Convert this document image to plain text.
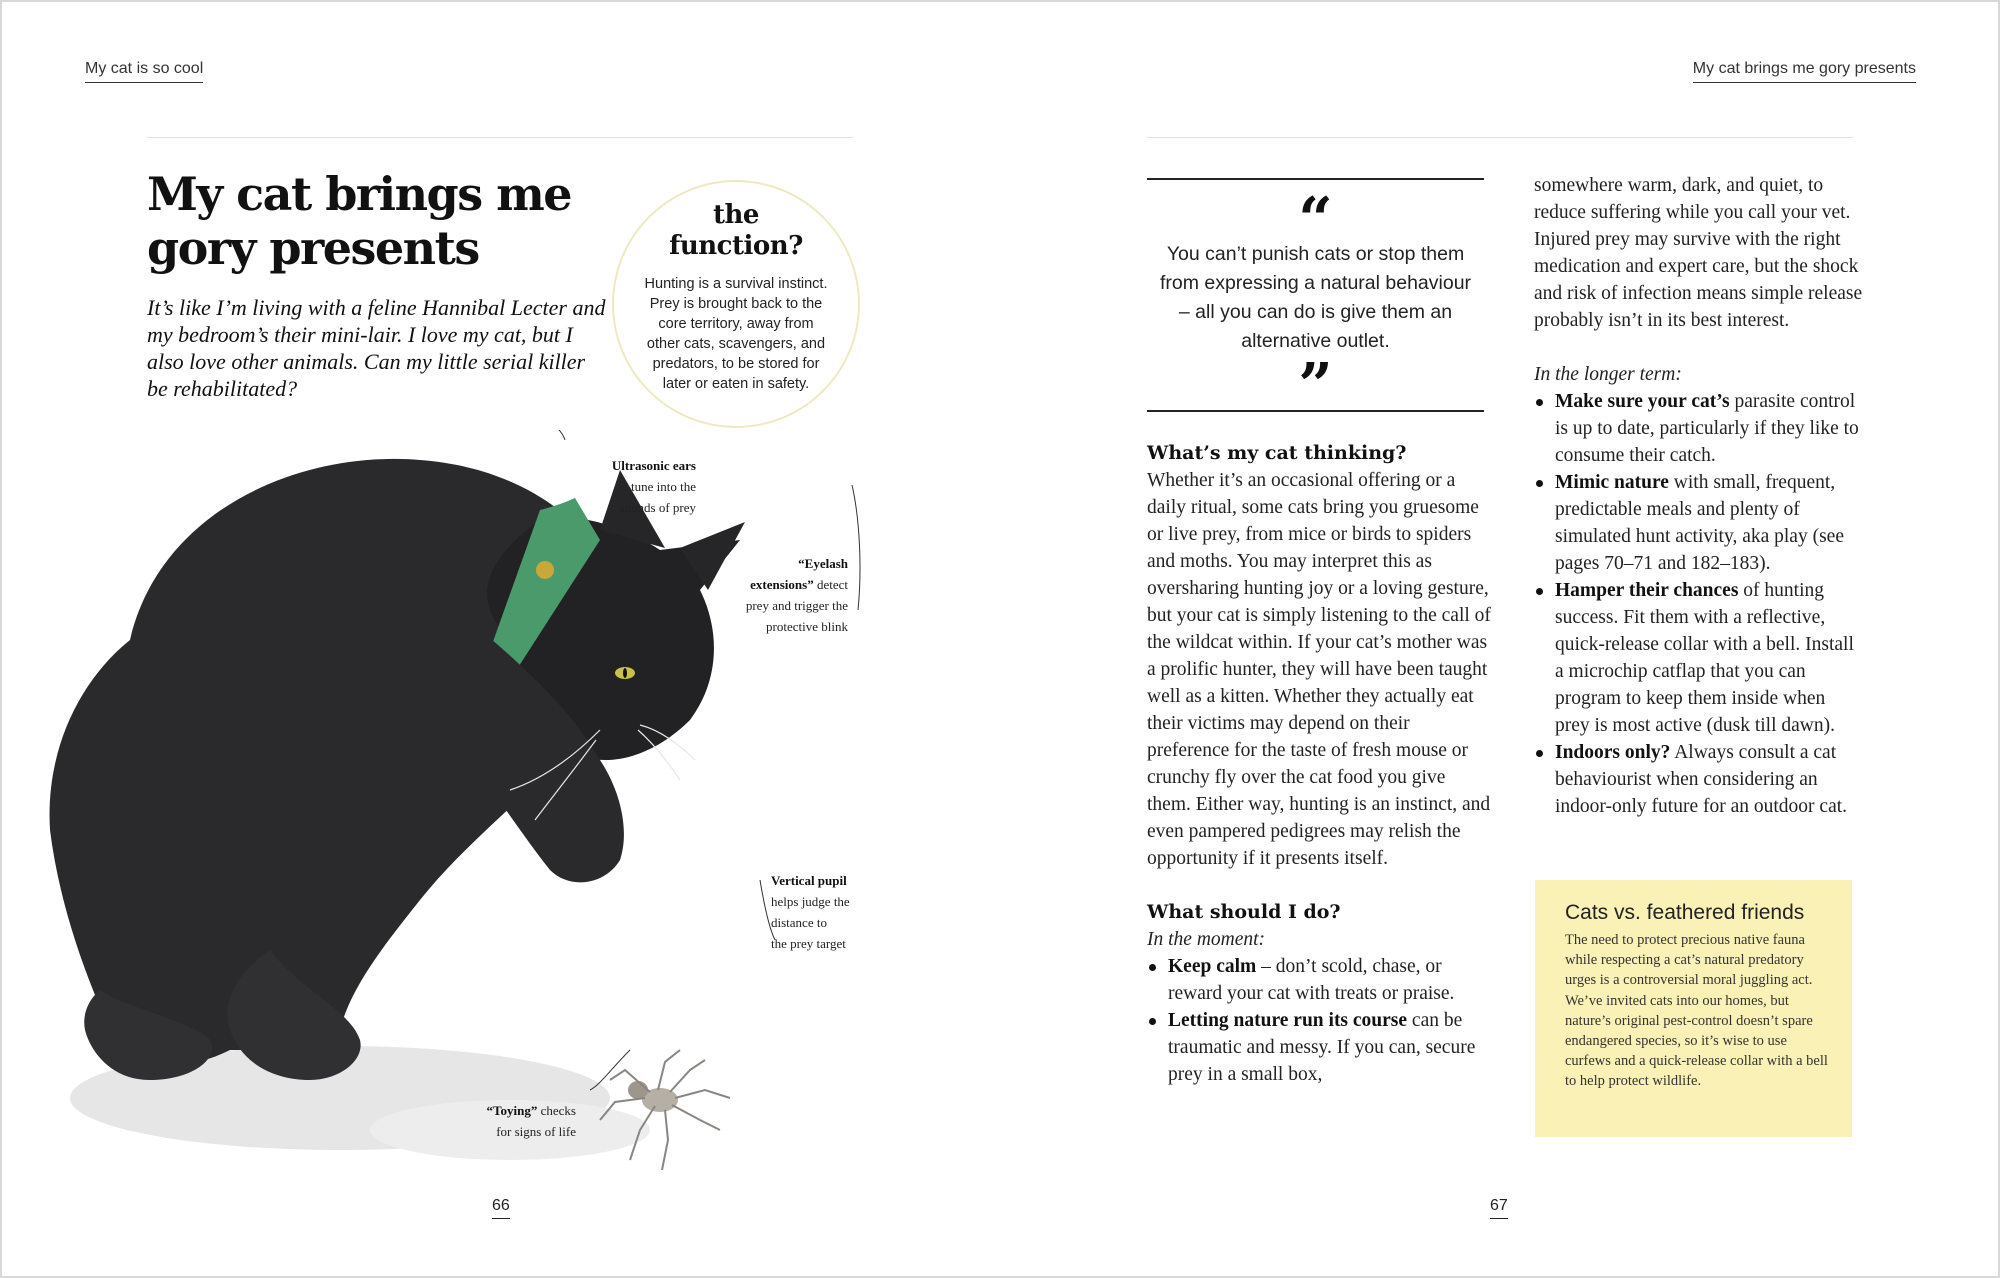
My cat is so cool	My cat brings me gory presents
My cat brings me
gory presents

It’s like I’m living with a feline Hannibal Lecter and my bedroom’s their mini-lair. I love my cat, but I also love other animals. Can my little serial killer be rehabilitated?

the
function?
Hunting is a survival instinct. Prey is brought back to the core territory, away from other cats, scavengers, and predators, to be stored for later or eaten in safety.
Ultrasonic ears
tune into the
sounds of prey
“Eyelash
extensions” detect
prey and trigger the
protective blink
Vertical pupil
helps judge the
distance to
the prey target
“Toying” checks
for signs of life
66	67
“
You can’t punish cats or stop them from expressing a natural behaviour – all you can do is give them an alternative outlet.
”
What’s my cat thinking?

Whether it’s an occasional offering or a daily ritual, some cats bring you gruesome or live prey, from mice or birds to spiders and moths. You may interpret this as oversharing hunting joy or a loving gesture, but your cat is simply listening to the call of the wildcat within. If your cat’s mother was a prolific hunter, they will have been taught well as a kitten. Whether they actually eat their victims may depend on their preference for the taste of fresh mouse or crunchy fly over the cat food you give them. Either way, hunting is an instinct, and even pampered pedigrees may relish the opportunity if it presents itself.

What should I do?

In the moment:

Keep calm – don’t scold, chase, or reward your cat with treats or praise.
Letting nature run its course can be traumatic and messy. If you can, secure prey in a small box,

somewhere warm, dark, and quiet, to reduce suffering while you call your vet. Injured prey may survive with the right medication and expert care, but the shock and risk of infection means simple release probably isn’t in its best interest.

In the longer term:

Make sure your cat’s parasite control is up to date, particularly if they like to consume their catch.
Mimic nature with small, frequent, predictable meals and plenty of simulated hunt activity, aka play (see pages 70–71 and 182–183).
Hamper their chances of hunting success. Fit them with a reflective, quick-release collar with a bell. Install a microchip catflap that you can program to keep them inside when prey is most active (dusk till dawn).
Indoors only? Always consult a cat behaviourist when considering an indoor-only future for an outdoor cat.
Cats vs. feathered friends

The need to protect precious native fauna while respecting a cat’s natural predatory urges is a controversial moral juggling act. We’ve invited cats into our homes, but nature’s original pest-control doesn’t spare endangered species, so it’s wise to use curfews and a quick-release collar with a bell to help protect wildlife.
